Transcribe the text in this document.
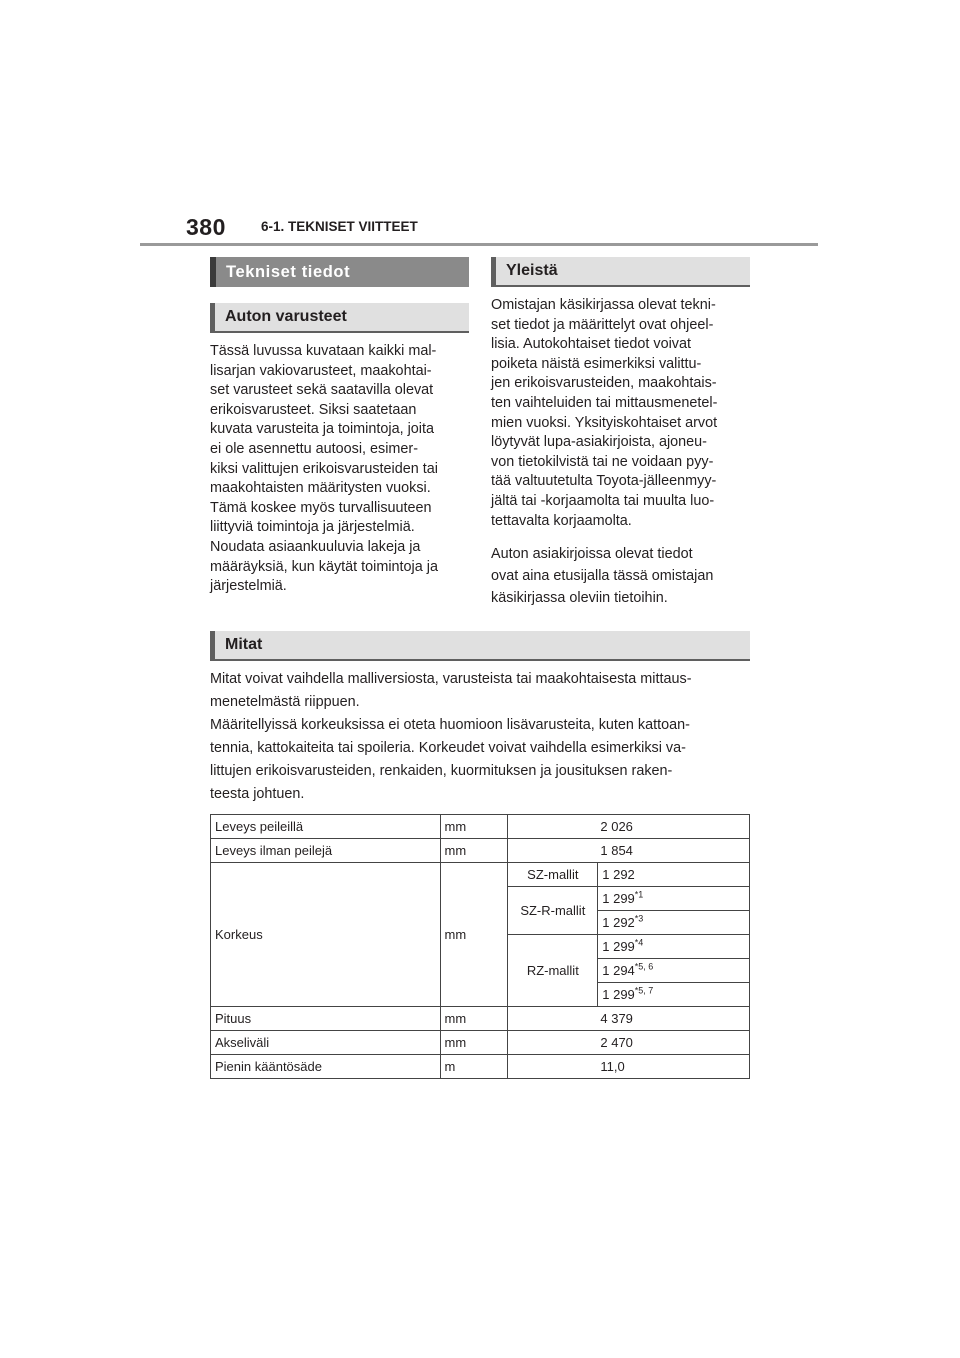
380	6-1. TEKNISET VIITTEET
Tekniset tiedot
Auton varusteet
Tässä luvussa kuvataan kaikki mal-
lisarjan vakiovarusteet, maakohtai-
set varusteet sekä saatavilla olevat
erikoisvarusteet. Siksi saatetaan
kuvata varusteita ja toimintoja, joita
ei ole asennettu autoosi, esimer-
kiksi valittujen erikoisvarusteiden tai
maakohtaisten määritysten vuoksi.
Tämä koskee myös turvallisuuteen
liittyviä toimintoja ja järjestelmiä.
Noudata asiaankuuluvia lakeja ja
määräyksiä, kun käytät toimintoja ja
järjestelmiä.
Yleistä
Omistajan käsikirjassa olevat tekni-
set tiedot ja määrittelyt ovat ohjeel-
lisia. Autokohtaiset tiedot voivat
poiketa näistä esimerkiksi valittu-
jen erikoisvarusteiden, maakohtais-
ten vaihteluiden tai mittausmenetel-
mien vuoksi. Yksityiskohtaiset arvot
löytyvät lupa-asiakirjoista, ajoneu-
von tietokilvistä tai ne voidaan pyy-
tää valtuutetulta Toyota-jälleenmyy-
jältä tai -korjaamolta tai muulta luo-
tettavalta korjaamolta.
Auton asiakirjoissa olevat tiedot
ovat aina etusijalla tässä omistajan
käsikirjassa oleviin tietoihin.
Mitat
Mitat voivat vaihdella malliversiosta, varusteista tai maakohtaisesta mittaus-
menetelmästä riippuen.
Määritellyissä korkeuksissa ei oteta huomioon lisävarusteita, kuten kattoan-
tennia, kattokaiteita tai spoileria. Korkeudet voivat vaihdella esimerkiksi va-
littujen erikoisvarusteiden, renkaiden, kuormituksen ja jousituksen raken-
teesta johtuen.
Leveys peileillä	mm	2 026	
Leveys ilman peilejä	mm	1 854	
Korkeus	mm	SZ-mallit	1 292
		SZ-R-mallit	1 299$^{*1}$
			1 292$^{*3}$
		RZ-mallit	1 299$^{*4}$
			1 294$^{*5, 6}$
			1 299$^{*5, 7}$
Pituus	mm	4 379	
Akseliväli	mm	2 470	
Pienin kääntösäde	m	11,0	
